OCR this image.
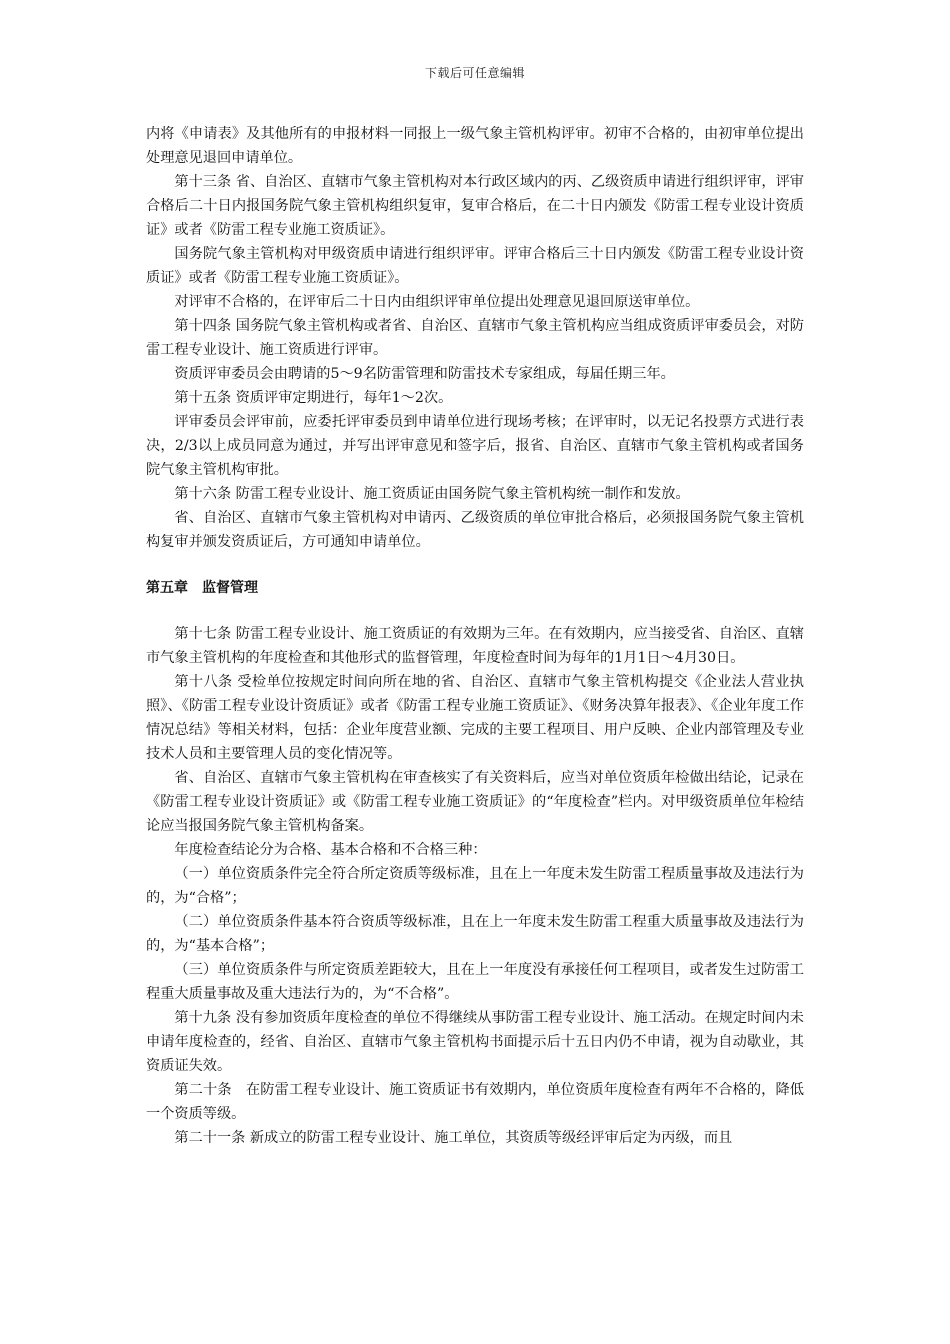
下载后可任意编辑

内将《申请表》及其他所有的申报材料一同报上一级气象主管机构评审。初审不合格的，由初审单位提出处理意见退回申请单位。

第十三条 省、自治区、直辖市气象主管机构对本行政区域内的丙、乙级资质申请进行组织评审，评审合格后二十日内报国务院气象主管机构组织复审，复审合格后，在二十日内颁发《防雷工程专业设计资质证》或者《防雷工程专业施工资质证》。

国务院气象主管机构对甲级资质申请进行组织评审。评审合格后三十日内颁发《防雷工程专业设计资质证》或者《防雷工程专业施工资质证》。

对评审不合格的，在评审后二十日内由组织评审单位提出处理意见退回原送审单位。

第十四条 国务院气象主管机构或者省、自治区、直辖市气象主管机构应当组成资质评审委员会，对防雷工程专业设计、施工资质进行评审。

资质评审委员会由聘请的5～9名防雷管理和防雷技术专家组成，每届任期三年。

第十五条 资质评审定期进行，每年1～2次。

评审委员会评审前，应委托评审委员到申请单位进行现场考核；在评审时，以无记名投票方式进行表决，2/3以上成员同意为通过，并写出评审意见和签字后，报省、自治区、直辖市气象主管机构或者国务院气象主管机构审批。

第十六条 防雷工程专业设计、施工资质证由国务院气象主管机构统一制作和发放。

省、自治区、直辖市气象主管机构对申请丙、乙级资质的单位审批合格后，必须报国务院气象主管机构复审并颁发资质证后，方可通知申请单位。

第五章　监督管理

第十七条 防雷工程专业设计、施工资质证的有效期为三年。在有效期内，应当接受省、自治区、直辖市气象主管机构的年度检查和其他形式的监督管理，年度检查时间为每年的1月1日～4月30日。

第十八条 受检单位按规定时间向所在地的省、自治区、直辖市气象主管机构提交《企业法人营业执照》、《防雷工程专业设计资质证》或者《防雷工程专业施工资质证》、《财务决算年报表》、《企业年度工作情况总结》等相关材料，包括：企业年度营业额、完成的主要工程项目、用户反映、企业内部管理及专业技术人员和主要管理人员的变化情况等。

省、自治区、直辖市气象主管机构在审查核实了有关资料后，应当对单位资质年检做出结论，记录在《防雷工程专业设计资质证》或《防雷工程专业施工资质证》的“年度检查”栏内。对甲级资质单位年检结论应当报国务院气象主管机构备案。

年度检查结论分为合格、基本合格和不合格三种：

（一）单位资质条件完全符合所定资质等级标准，且在上一年度未发生防雷工程质量事故及违法行为的，为“合格”；

（二）单位资质条件基本符合资质等级标准，且在上一年度未发生防雷工程重大质量事故及违法行为的，为“基本合格”；

（三）单位资质条件与所定资质差距较大，且在上一年度没有承接任何工程项目，或者发生过防雷工程重大质量事故及重大违法行为的，为“不合格”。

第十九条 没有参加资质年度检查的单位不得继续从事防雷工程专业设计、施工活动。在规定时间内未申请年度检查的，经省、自治区、直辖市气象主管机构书面提示后十五日内仍不申请，视为自动歇业，其资质证失效。

第二十条　在防雷工程专业设计、施工资质证书有效期内，单位资质年度检查有两年不合格的，降低一个资质等级。

第二十一条 新成立的防雷工程专业设计、施工单位，其资质等级经评审后定为丙级，而且
